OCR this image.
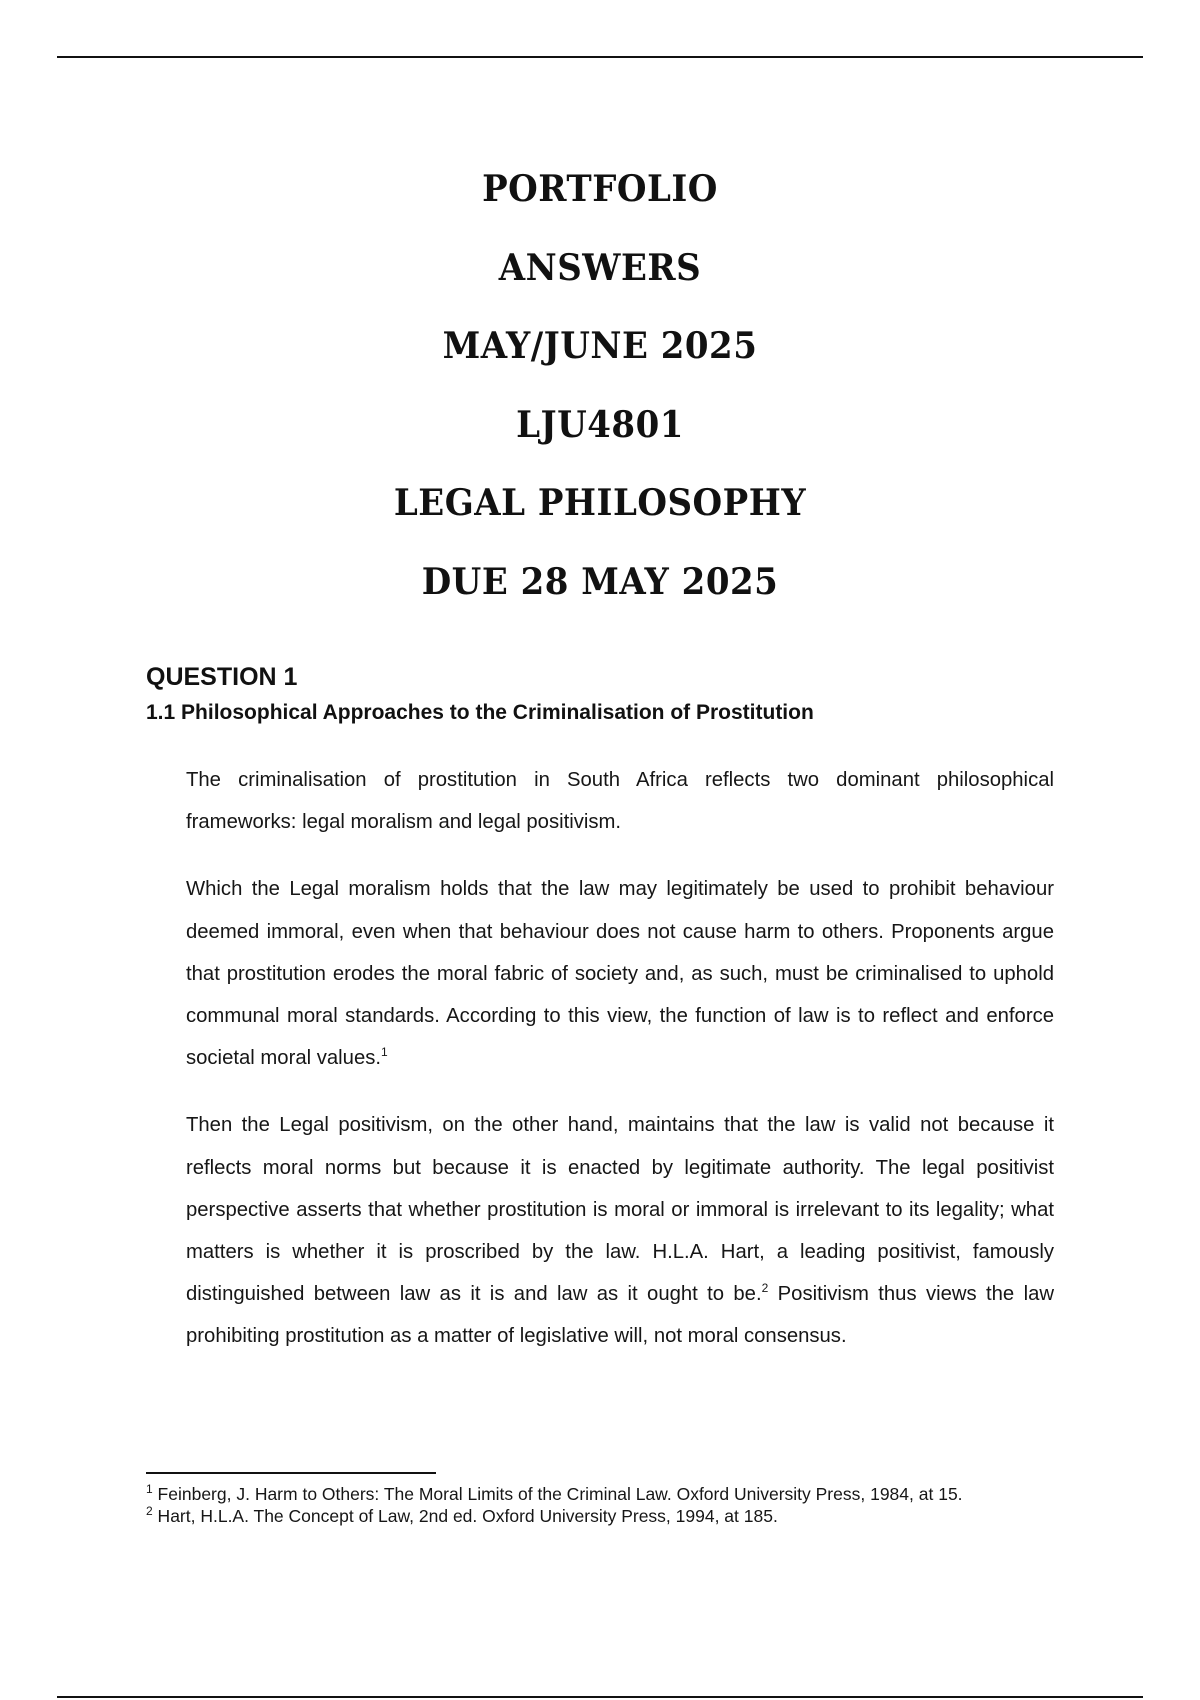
PORTFOLIO
ANSWERS
MAY/JUNE 2025
LJU4801
LEGAL PHILOSOPHY
DUE 28 MAY 2025
QUESTION 1
1.1 Philosophical Approaches to the Criminalisation of Prostitution

The criminalisation of prostitution in South Africa reflects two dominant philosophical frameworks: legal moralism and legal positivism.

Which the Legal moralism holds that the law may legitimately be used to prohibit behaviour deemed immoral, even when that behaviour does not cause harm to others. Proponents argue that prostitution erodes the moral fabric of society and, as such, must be criminalised to uphold communal moral standards. According to this view, the function of law is to reflect and enforce societal moral values.$^1$

Then the Legal positivism, on the other hand, maintains that the law is valid not because it reflects moral norms but because it is enacted by legitimate authority. The legal positivist perspective asserts that whether prostitution is moral or immoral is irrelevant to its legality; what matters is whether it is proscribed by the law. H.L.A. Hart, a leading positivist, famously distinguished between law as it is and law as it ought to be.$^2$ Positivism thus views the law prohibiting prostitution as a matter of legislative will, not moral consensus.

$^1$ Feinberg, J. Harm to Others: The Moral Limits of the Criminal Law. Oxford University Press, 1984, at 15.

$^2$ Hart, H.L.A. The Concept of Law, 2nd ed. Oxford University Press, 1994, at 185.
